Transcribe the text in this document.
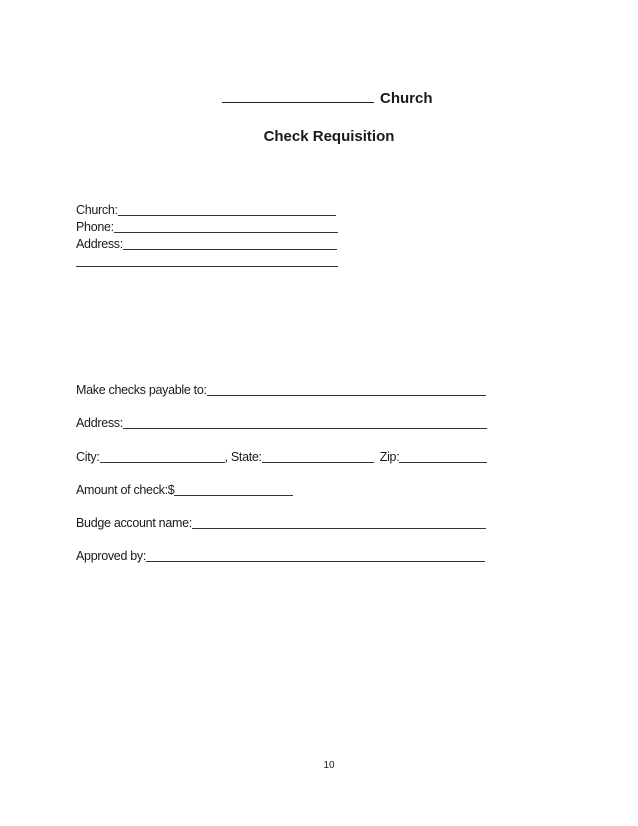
Church
Check Requisition
Church:
Phone:
Address:
Make checks payable to:
Address:
City:	, State:	Zip:
Amount of check: $
Budge account name:
Approved by:
10
